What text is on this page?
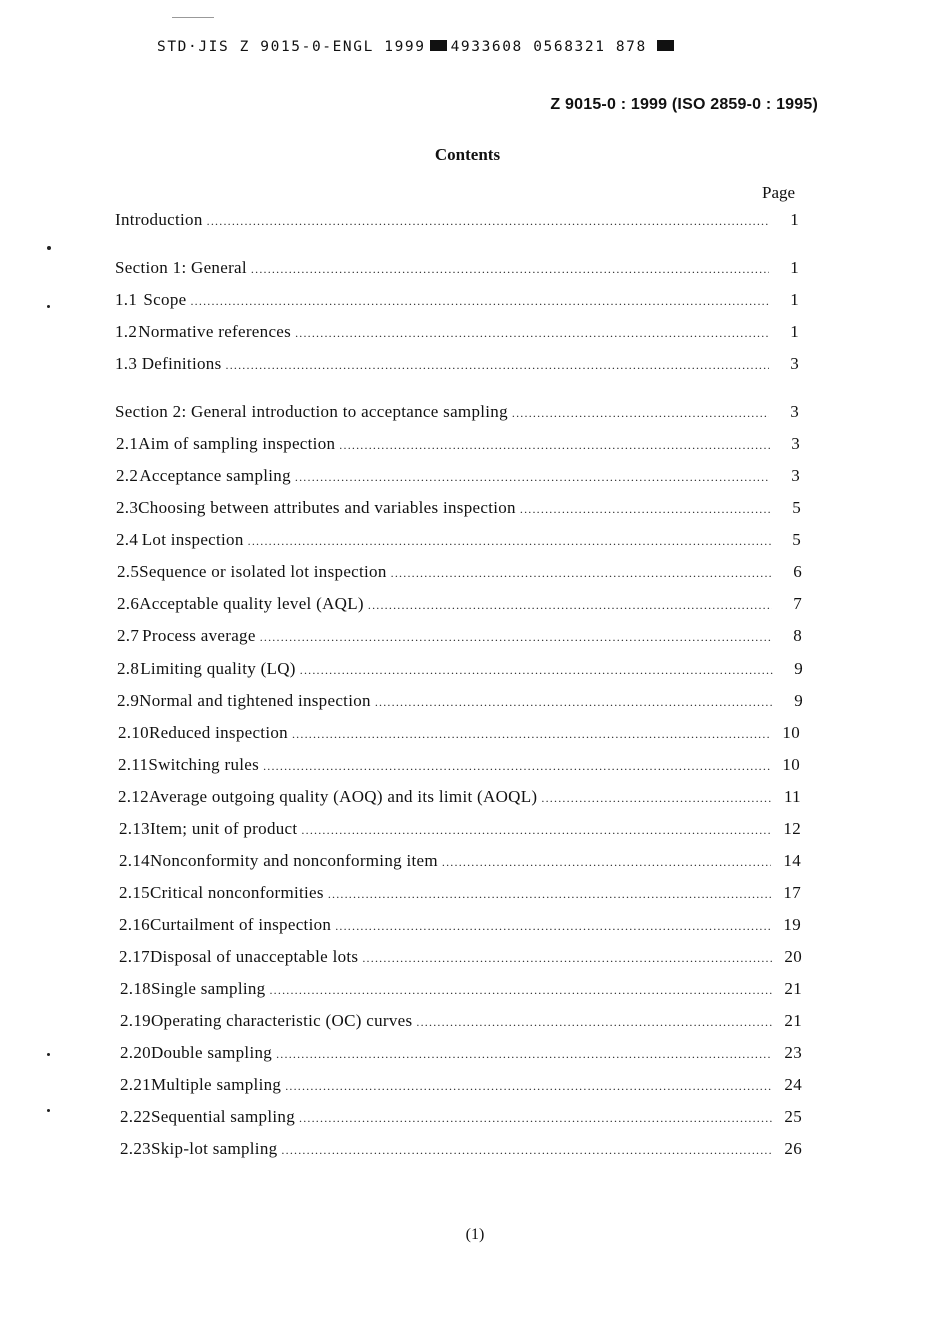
STD·JIS Z 9015-0-ENGL 1999 4933608 0568321 878
Z 9015-0 : 1999 (ISO 2859-0 : 1995)
Contents
Page
Introduction .....	1
Section 1: General .....	1
1.1 Scope .....	1
1.2 Normative references .....	1
1.3 Definitions .....	3
Section 2: General introduction to acceptance sampling .....	3
2.1 Aim of sampling inspection .....	3
2.2 Acceptance sampling .....	3
2.3 Choosing between attributes and variables inspection .....	5
2.4 Lot inspection .....	5
2.5 Sequence or isolated lot inspection .....	6
2.6 Acceptable quality level (AQL) .....	7
2.7 Process average .....	8
2.8 Limiting quality (LQ) .....	9
2.9 Normal and tightened inspection .....	9
2.10 Reduced inspection .....	10
2.11 Switching rules .....	10
2.12 Average outgoing quality (AOQ) and its limit (AOQL) .....	11
2.13 Item; unit of product .....	12
2.14 Nonconformity and nonconforming item .....	14
2.15 Critical nonconformities .....	17
2.16 Curtailment of inspection .....	19
2.17 Disposal of unacceptable lots .....	20
2.18 Single sampling .....	21
2.19 Operating characteristic (OC) curves .....	21
2.20 Double sampling .....	23
2.21 Multiple sampling .....	24
2.22 Sequential sampling .....	25
2.23 Skip-lot sampling .....	26
(1)
